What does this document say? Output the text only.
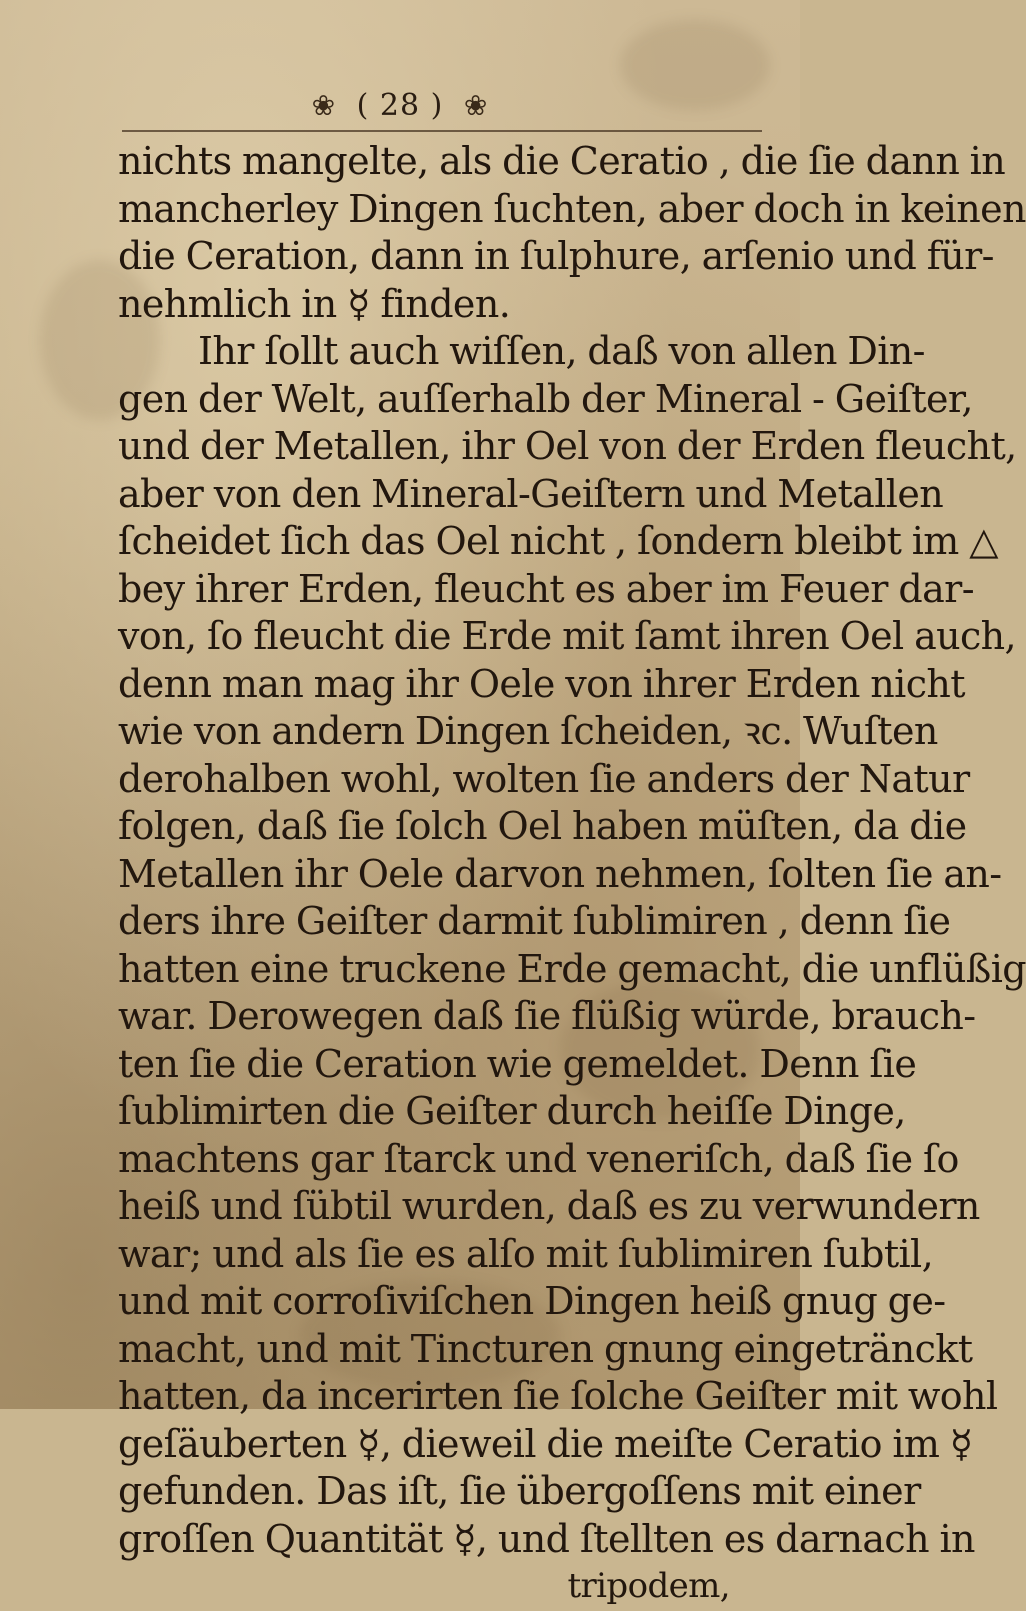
❀ ( 28 ) ❀
nichts mangelte, als die Ceratio , die ſie dann in
mancherley Dingen ſuchten, aber doch in keinen
die Ceration, dann in ſulphure, arſenio und für-
nehmlich in ☿ finden.
Ihr ſollt auch wiſſen, daß von allen Din-
gen der Welt, auſſerhalb der Mineral - Geiſter,
und der Metallen, ihr Oel von der Erden fleucht,
aber von den Mineral-Geiſtern und Metallen
ſcheidet ſich das Oel nicht , ſondern bleibt im △
bey ihrer Erden, fleucht es aber im Feuer dar-
von, ſo fleucht die Erde mit ſamt ihren Oel auch,
denn man mag ihr Oele von ihrer Erden nicht
wie von andern Dingen ſcheiden, ꝛc. Wuſten
derohalben wohl, wolten ſie anders der Natur
folgen, daß ſie ſolch Oel haben müſten, da die
Metallen ihr Oele darvon nehmen, ſolten ſie an-
ders ihre Geiſter darmit ſublimiren , denn ſie
hatten eine truckene Erde gemacht, die unflüßig
war. Derowegen daß ſie flüßig würde, brauch-
ten ſie die Ceration wie gemeldet. Denn ſie
ſublimirten die Geiſter durch heiſſe Dinge,
machtens gar ſtarck und veneriſch, daß ſie ſo
heiß und ſübtil wurden, daß es zu verwundern
war; und als ſie es alſo mit ſublimiren ſubtil,
und mit corroſiviſchen Dingen heiß gnug ge-
macht, und mit Tincturen gnung eingetränckt
hatten, da incerirten ſie ſolche Geiſter mit wohl
geſäuberten ☿, dieweil die meiſte Ceratio im ☿
gefunden. Das iſt, ſie übergoſſens mit einer
groſſen Quantität ☿, und ſtellten es darnach in
tripodem,
